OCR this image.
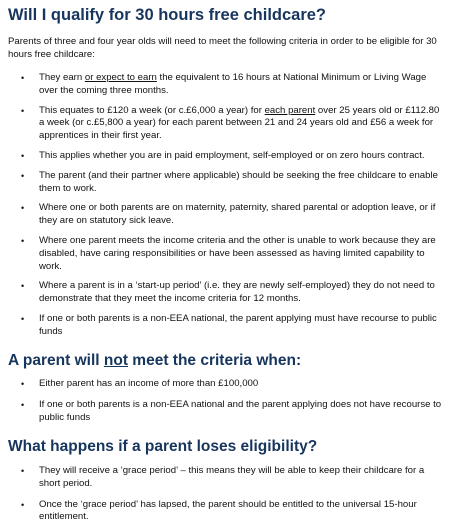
Will I qualify for 30 hours free childcare?

Parents of three and four year olds will need to meet the following criteria in order to be eligible for 30 hours free childcare:

• They earn or expect to earn the equivalent to 16 hours at National Minimum or Living Wage over the coming three months.
• This equates to £120 a week (or c.£6,000 a year) for each parent over 25 years old or £112.80 a week (or c.£5,800 a year) for each parent between 21 and 24 years old and £56 a week for apprentices in their first year.
• This applies whether you are in paid employment, self-employed or on zero hours contract.
• The parent (and their partner where applicable) should be seeking the free childcare to enable them to work.
• Where one or both parents are on maternity, paternity, shared parental or adoption leave, or if they are on statutory sick leave.
• Where one parent meets the income criteria and the other is unable to work because they are disabled, have caring responsibilities or have been assessed as having limited capability to work.
• Where a parent is in a ‘start-up period’ (i.e. they are newly self-employed) they do not need to demonstrate that they meet the income criteria for 12 months.
• If one or both parents is a non-EEA national, the parent applying must have recourse to public funds
A parent will not meet the criteria when:
• Either parent has an income of more than £100,000
• If one or both parents is a non-EEA national and the parent applying does not have recourse to public funds
What happens if a parent loses eligibility?
• They will receive a ‘grace period’ – this means they will be able to keep their childcare for a short period.
• Once the ‘grace period’ has lapsed, the parent should be entitled to the universal 15-hour entitlement.
